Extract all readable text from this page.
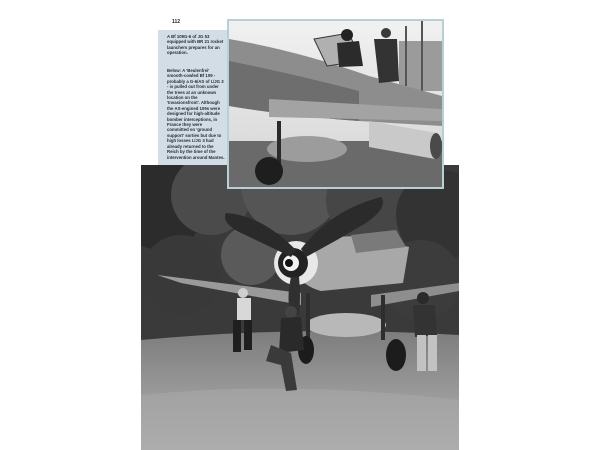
112

A Bf 109G-6 of JG 53 equipped with BR 21 rocket launchers prepares for an operation.

Below: A 'Beulenfrei' smooth-cowled Bf 109 - probably a G-6/AS of I./JG 3 - is pulled out from under the trees at an unknown location on the 'Invasionsfront'. Although the AS-engined 109s were designed for high-altitude bomber interceptions, in France they were committed on 'ground support' sorties but due to high losses I./JG 3 had already returned to the Reich by the time of the intervention around Mantes.
